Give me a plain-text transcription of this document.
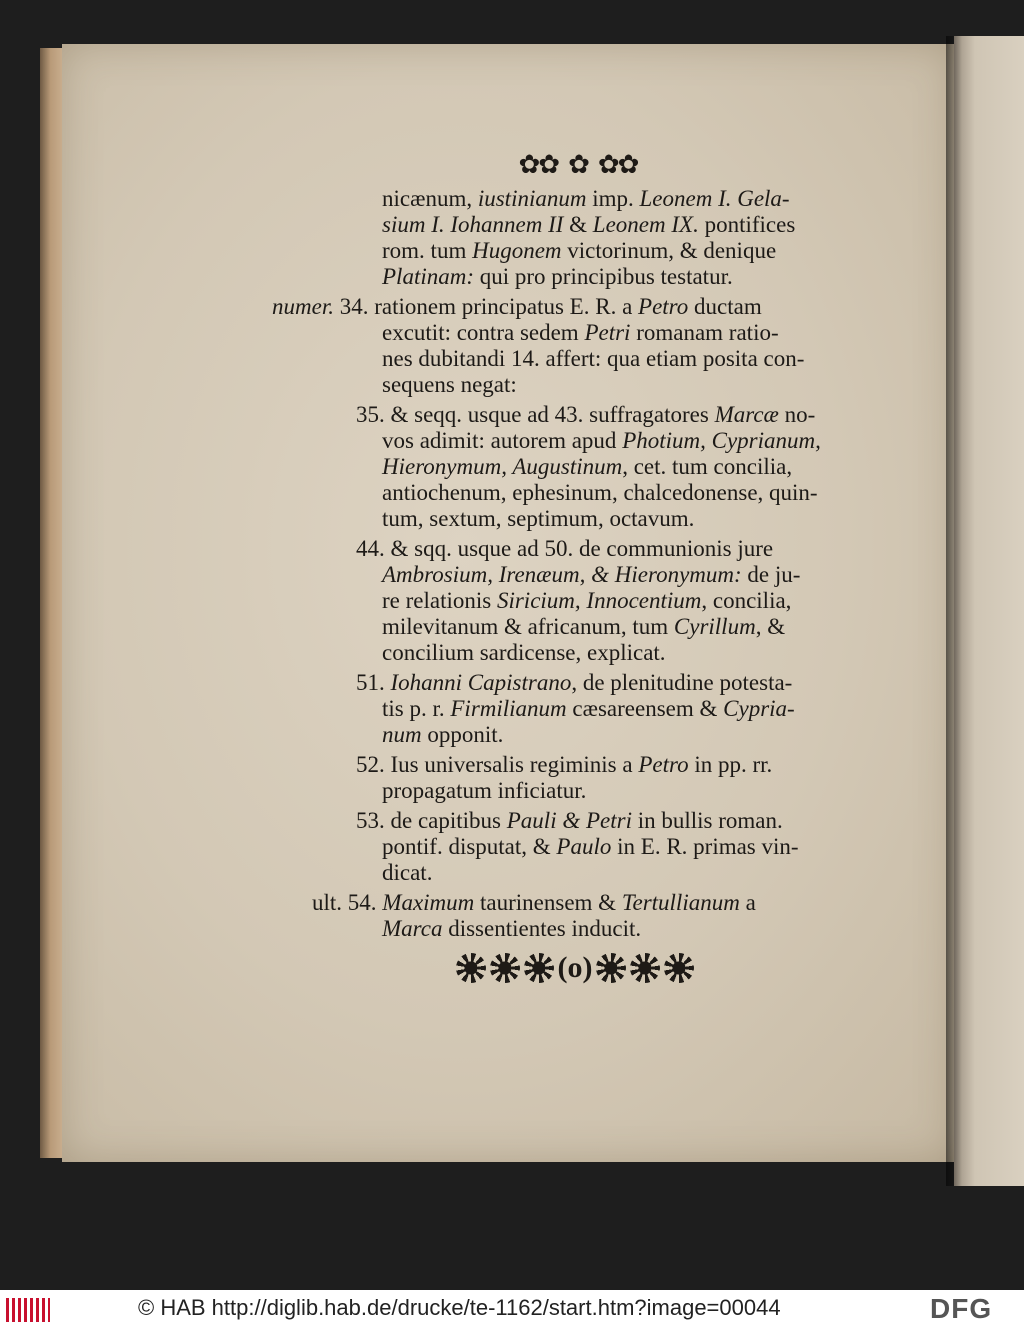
✿✿ ✿ ✿✿
nicænum, iustinianum imp. Leonem I. Gela-
sium I. Iohannem II & Leonem IX. pontifices
rom. tum Hugonem victorinum, & denique
Platinam: qui pro principibus testatur.
numer. 34. rationem principatus E. R. a Petro ductam
excutit: contra sedem Petri romanam ratio-
nes dubitandi 14. affert: qua etiam posita con-
sequens negat:
35. & seqq. usque ad 43. suffragatores Marcæ no-
vos adimit: autorem apud Photium, Cyprianum,
Hieronymum, Augustinum, cet. tum concilia,
antiochenum, ephesinum, chalcedonense, quin-
tum, sextum, septimum, octavum.
44. & sqq. usque ad 50. de communionis jure
Ambrosium, Irenæum, & Hieronymum: de ju-
re relationis Siricium, Innocentium, concilia,
milevitanum & africanum, tum Cyrillum, &
concilium sardicense, explicat.
51. Iohanni Capistrano, de plenitudine potesta-
tis p. r. Firmilianum cæsareensem & Cypria-
num opponit.
52. Ius universalis regiminis a Petro in pp. rr.
propagatum inficiatur.
53. de capitibus Pauli & Petri in bullis roman.
pontif. disputat, & Paulo in E. R. primas vin-
dicat.
ult. 54. Maximum taurinensem & Tertullianum a
Marca dissentientes inducit.
(o)
© HAB http://diglib.hab.de/drucke/te-1162/start.htm?image=00044	DFG
